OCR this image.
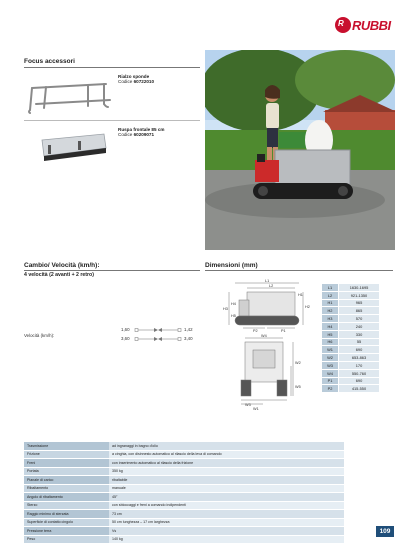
R RUBBI
Focus accessori
Rialzo sponde
Codice 60722010
Ruspa frontale 85 cm
Codice 60209071
Cambio/ Velocità (km/h):
4 velocità (2 avanti + 2 retro)
Velocità (km/h):
1,60
3,60
1,42
3,40
Dimensioni (mm)
L1
L2
H1
H2
H3
H4
H5
P2	P1
W4
W1
W2
W3
W5
L1	1630-1695
L2	921-1350
H1	965
H2	865
H3	570
H4	240
H5	330
H6	55
W1	690
W2	653-863
W3	170
W4	550-760
P1	690
P2	415-550
Trasmissione	ad ingranaggi in bagno d'olio
Frizione	a cinghia, con disinnesto automatico al rilascio della leva di comando
Freni	con inserimento automatico al rilascio della frizione
Portata	350 kg
Pianale di carico	ribaltabile
Ribaltamento	manuale
Angolo di ribaltamento	45°
Sterzo	con sbloccaggi e freni a comando indipendenti
Raggio minimo di sterzata	73 cm
Superficie di contatto cingolo	50 cm lunghezza – 17 cm larghezza
Pressione terra	Vs
Peso	140 kg
109
